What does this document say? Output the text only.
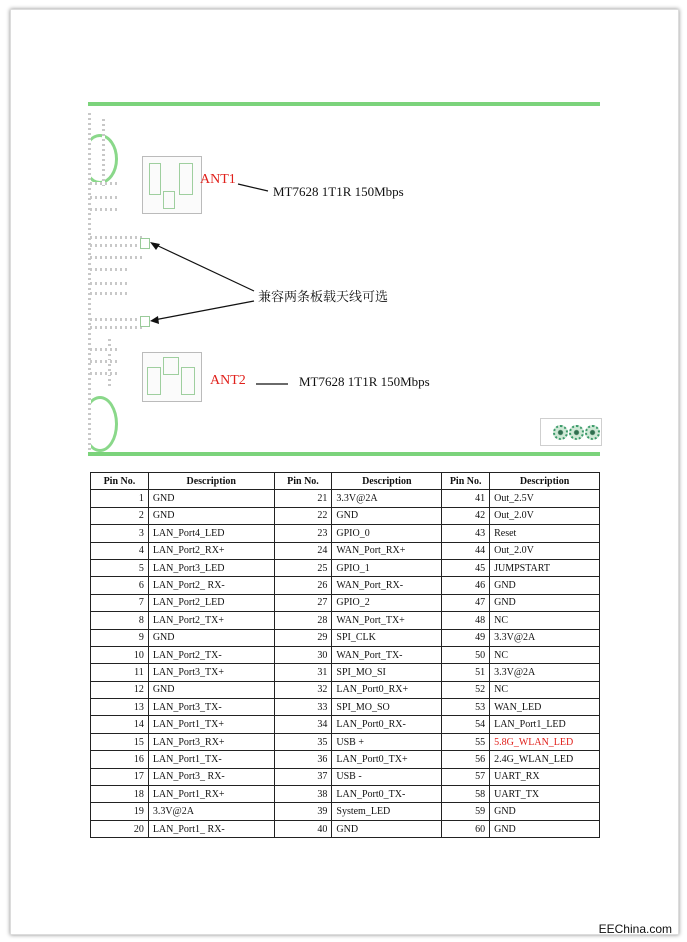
ANT1
MT7628 1T1R 150Mbps
ANT2	MT7628 1T1R 150Mbps
兼容两条板载天线可选
Pin No.	Description	Pin No.	Description	Pin No.	Description
1	GND	21	3.3V@2A	41	Out_2.5V
2	GND	22	GND	42	Out_2.0V
3	LAN_Port4_LED	23	GPIO_0	43	Reset
4	LAN_Port2_RX+	24	WAN_Port_RX+	44	Out_2.0V
5	LAN_Port3_LED	25	GPIO_1	45	JUMPSTART
6	LAN_Port2_ RX-	26	WAN_Port_RX-	46	GND
7	LAN_Port2_LED	27	GPIO_2	47	GND
8	LAN_Port2_TX+	28	WAN_Port_TX+	48	NC
9	GND	29	SPI_CLK	49	3.3V@2A
10	LAN_Port2_TX-	30	WAN_Port_TX-	50	NC
11	LAN_Port3_TX+	31	SPI_MO_SI	51	3.3V@2A
12	GND	32	LAN_Port0_RX+	52	NC
13	LAN_Port3_TX-	33	SPI_MO_SO	53	WAN_LED
14	LAN_Port1_TX+	34	LAN_Port0_RX-	54	LAN_Port1_LED
15	LAN_Port3_RX+	35	USB +	55	5.8G_WLAN_LED
16	LAN_Port1_TX-	36	LAN_Port0_TX+	56	2.4G_WLAN_LED
17	LAN_Port3_ RX-	37	USB -	57	UART_RX
18	LAN_Port1_RX+	38	LAN_Port0_TX-	58	UART_TX
19	3.3V@2A	39	System_LED	59	GND
20	LAN_Port1_ RX-	40	GND	60	GND
EEChina.com
